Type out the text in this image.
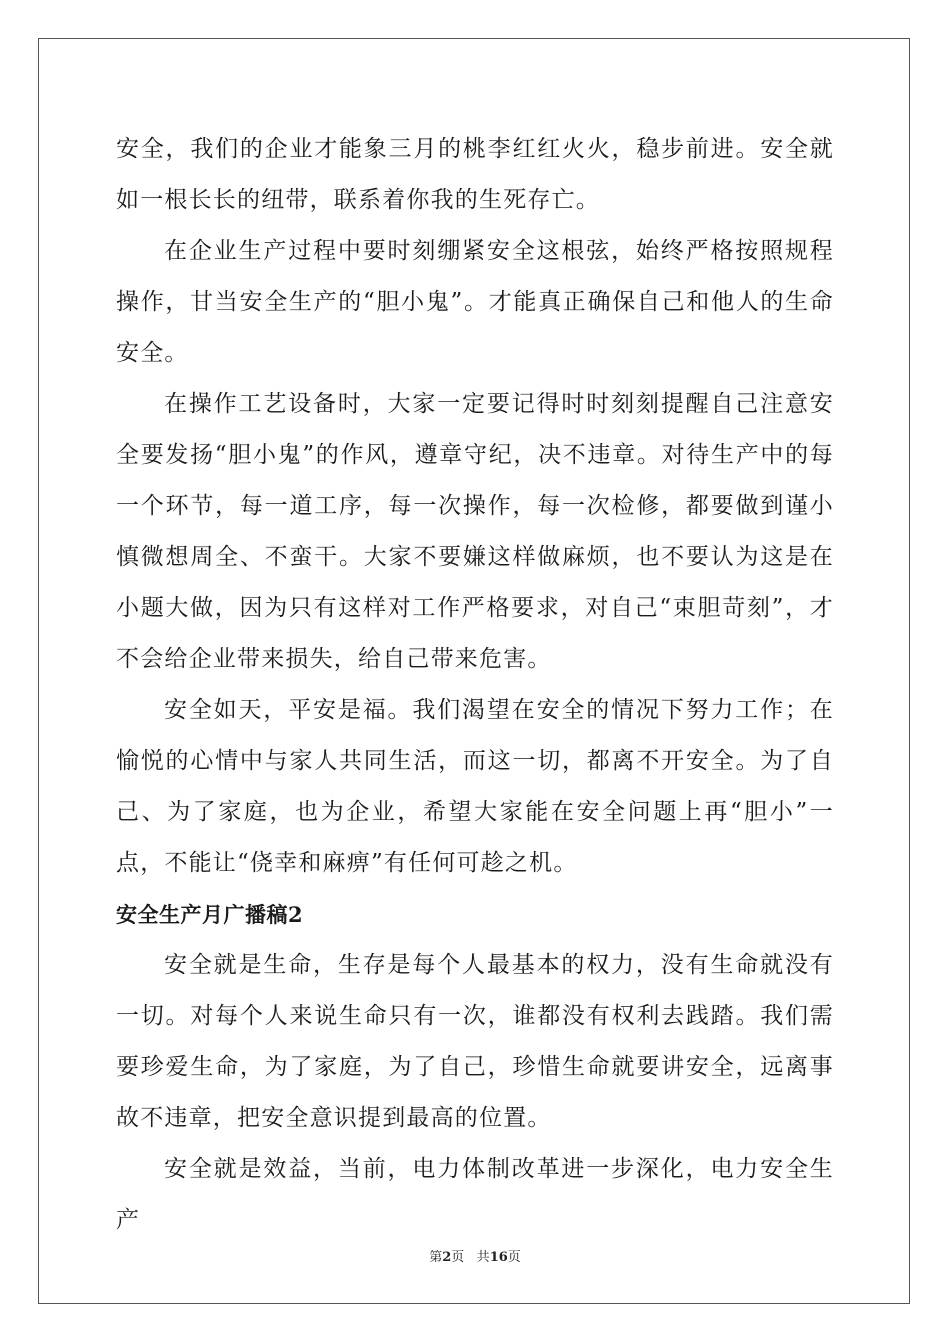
安全，我们的企业才能象三月的桃李红红火火，稳步前进。安全就如一根长长的纽带，联系着你我的生死存亡。

在企业生产过程中要时刻绷紧安全这根弦，始终严格按照规程操作，甘当安全生产的“胆小鬼”。才能真正确保自己和他人的生命安全。

在操作工艺设备时，大家一定要记得时时刻刻提醒自己注意安全要发扬“胆小鬼”的作风，遵章守纪，决不违章。对待生产中的每一个环节，每一道工序，每一次操作，每一次检修，都要做到谨小慎微想周全、不蛮干。大家不要嫌这样做麻烦，也不要认为这是在小题大做，因为只有这样对工作严格要求，对自己“束胆苛刻”，才不会给企业带来损失，给自己带来危害。

安全如天，平安是福。我们渴望在安全的情况下努力工作；在愉悦的心情中与家人共同生活，而这一切，都离不开安全。为了自己、为了家庭，也为企业，希望大家能在安全问题上再“胆小”一点，不能让“侥幸和麻痹”有任何可趁之机。

安全生产月广播稿2

安全就是生命，生存是每个人最基本的权力，没有生命就没有一切。对每个人来说生命只有一次，谁都没有权利去践踏。我们需要珍爱生命，为了家庭，为了自己，珍惜生命就要讲安全，远离事故不违章，把安全意识提到最高的位置。

安全就是效益，当前，电力体制改革进一步深化，电力安全生产

第2页 共16页
